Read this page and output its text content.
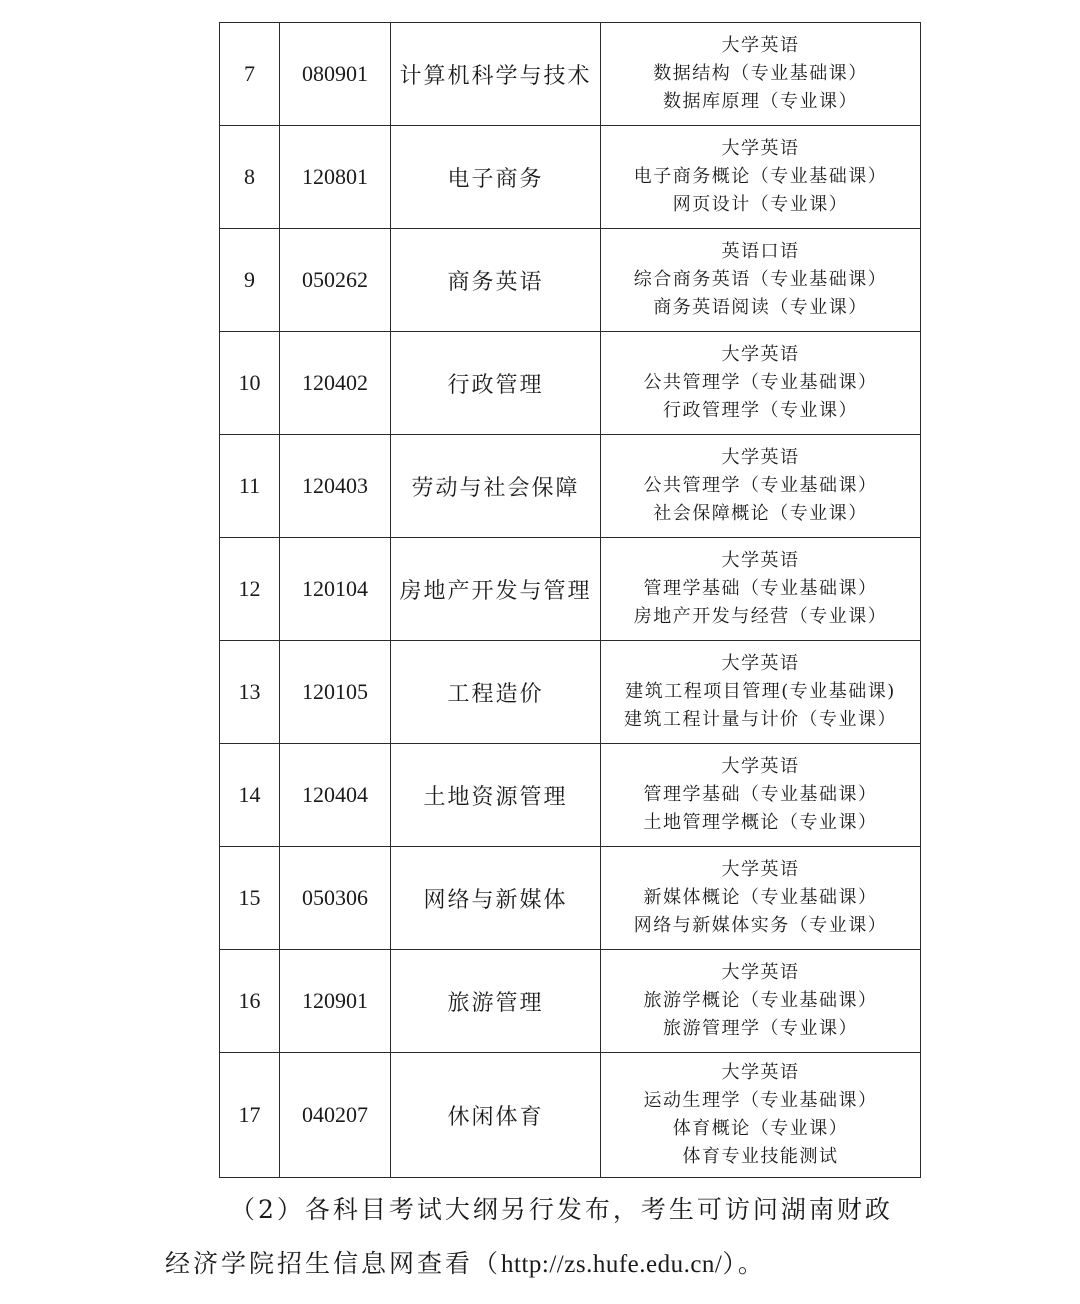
7	080901	计算机科学与技术	大学英语
数据结构（专业基础课）
数据库原理（专业课）

8	120801	电子商务	大学英语
电子商务概论（专业基础课）
网页设计（专业课）

9	050262	商务英语	英语口语
综合商务英语（专业基础课）
商务英语阅读（专业课）

10	120402	行政管理	大学英语
公共管理学（专业基础课）
行政管理学（专业课）

11	120403	劳动与社会保障	大学英语
公共管理学（专业基础课）
社会保障概论（专业课）

12	120104	房地产开发与管理	大学英语
管理学基础（专业基础课）
房地产开发与经营（专业课）

13	120105	工程造价	大学英语
建筑工程项目管理(专业基础课)
建筑工程计量与计价（专业课）

14	120404	土地资源管理	大学英语
管理学基础（专业基础课）
土地管理学概论（专业课）

15	050306	网络与新媒体	大学英语
新媒体概论（专业基础课）
网络与新媒体实务（专业课）

16	120901	旅游管理	大学英语
旅游学概论（专业基础课）
旅游管理学（专业课）

17	040207	休闲体育	大学英语
运动生理学（专业基础课）
体育概论（专业课）
体育专业技能测试
（2）各科目考试大纲另行发布，考生可访问湖南财政
经济学院招生信息网查看（http://zs.hufe.edu.cn/）。
